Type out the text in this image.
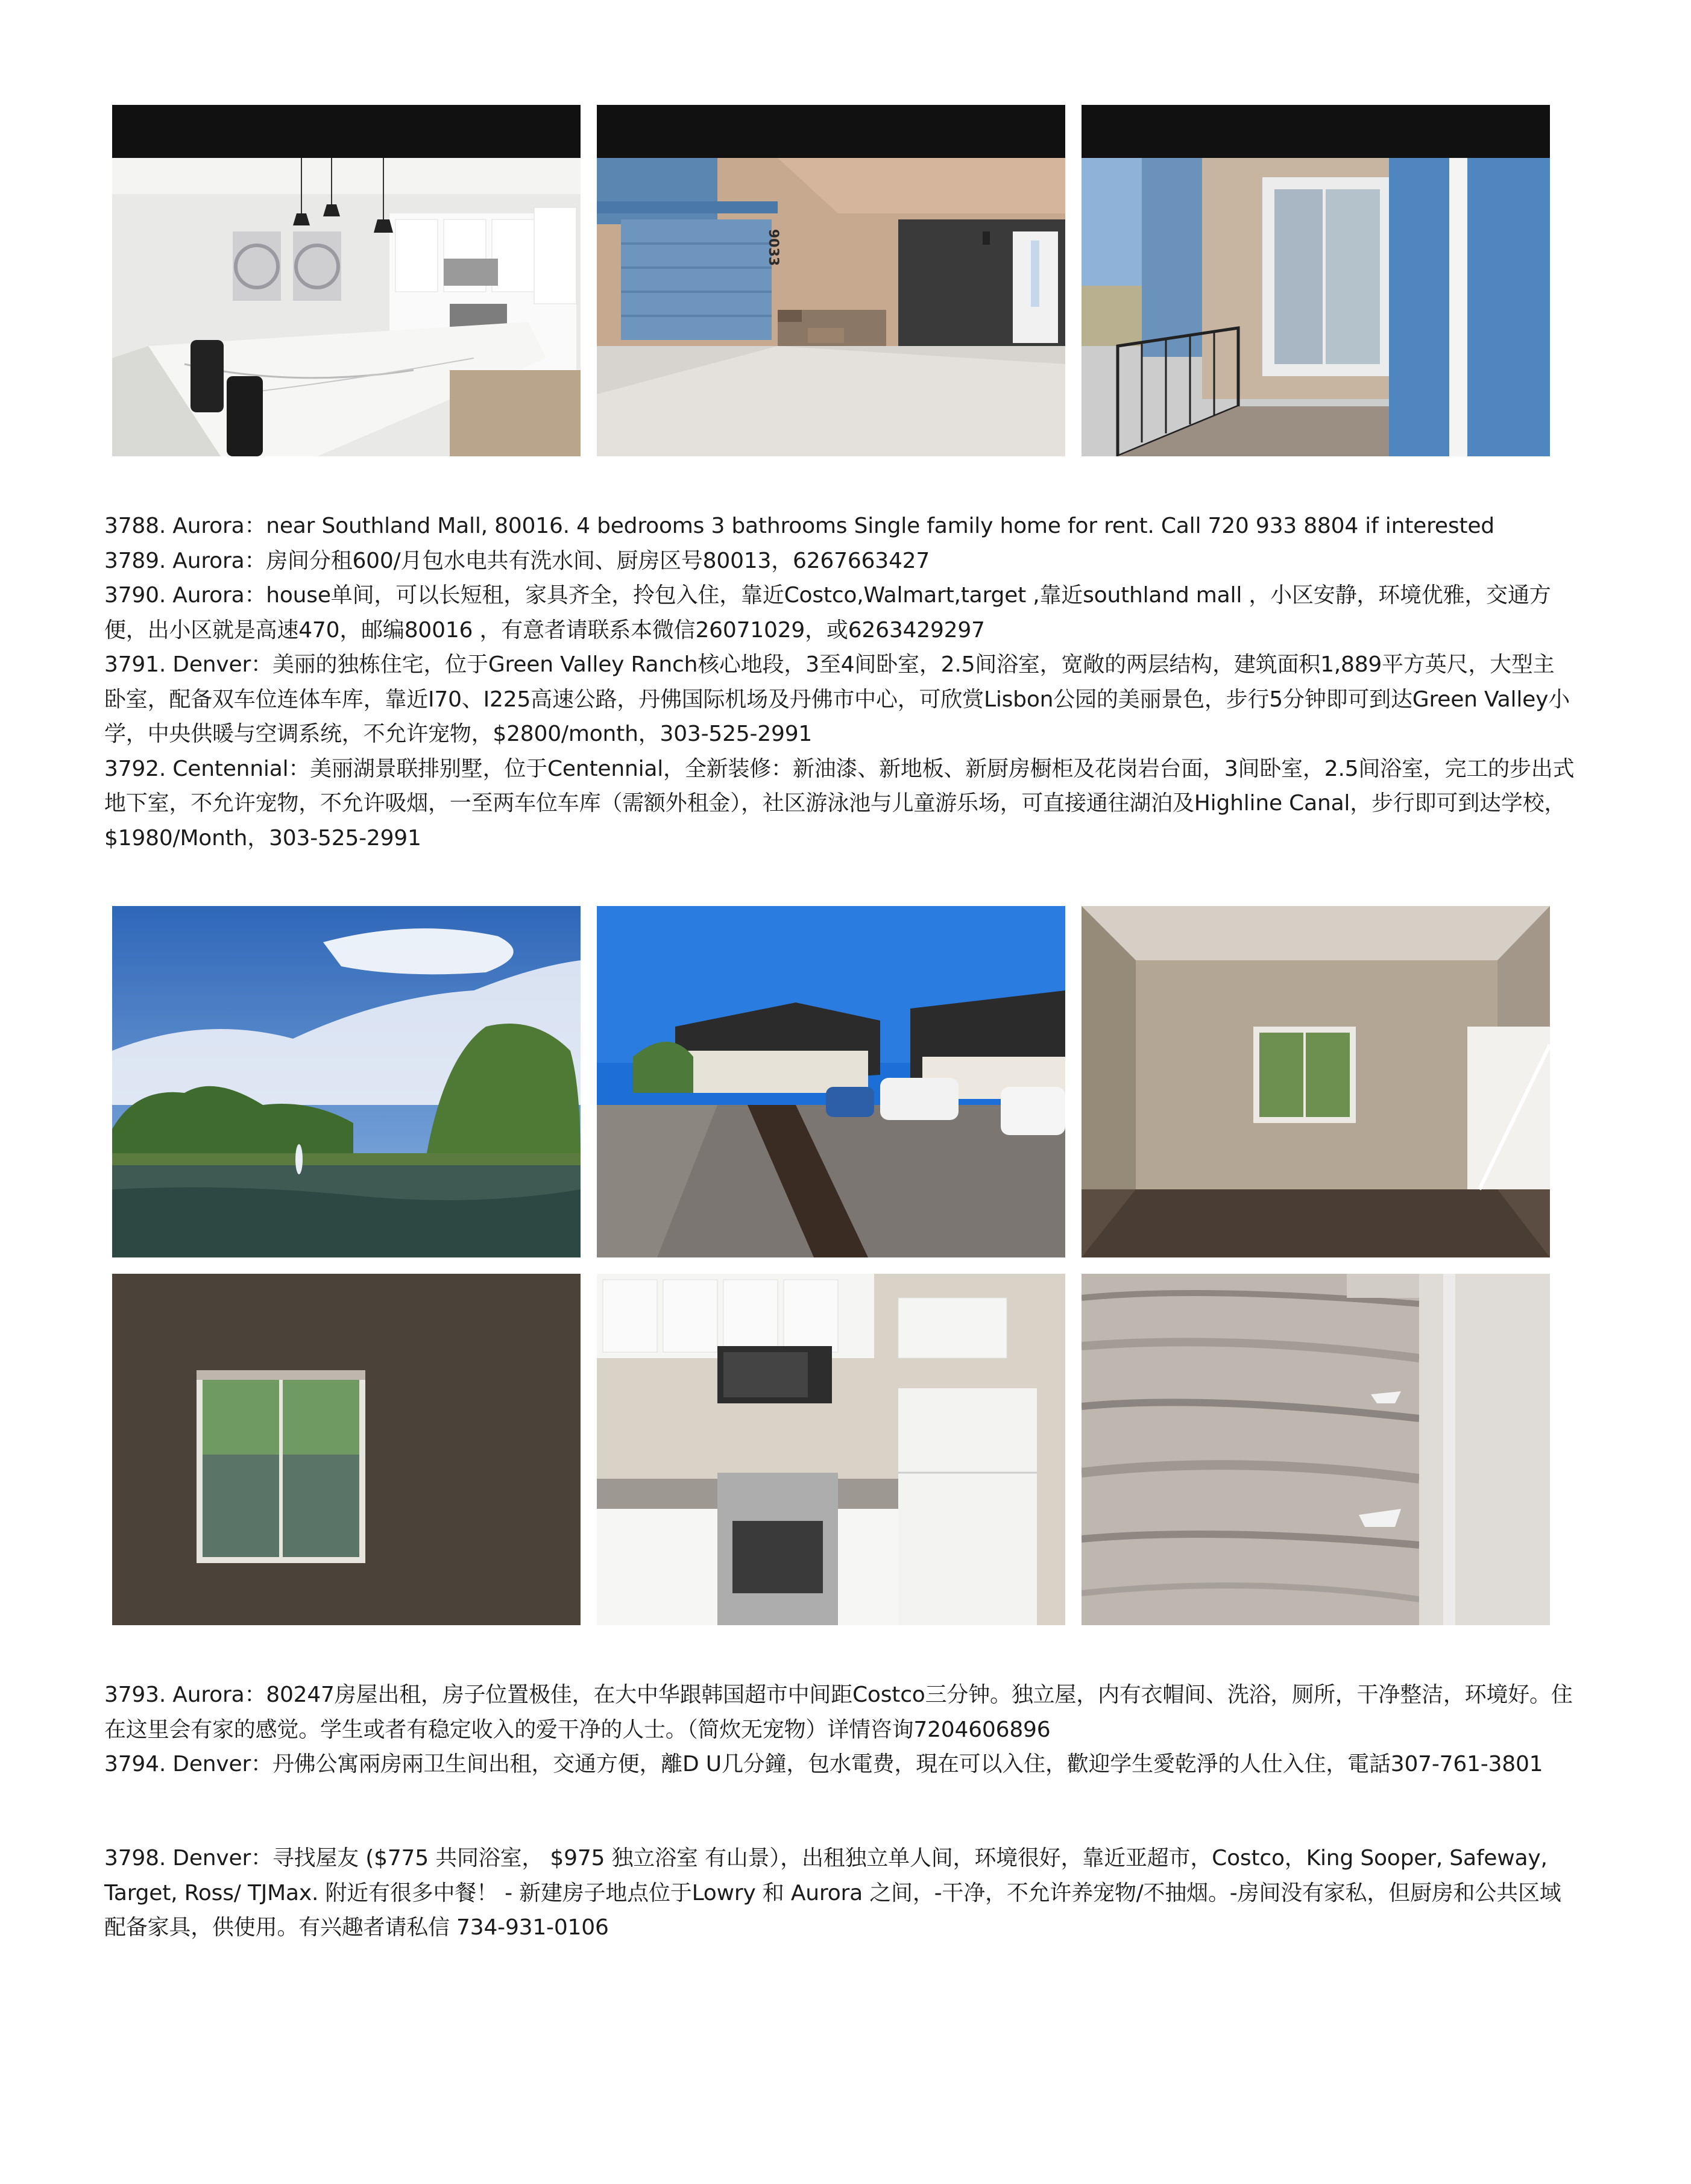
3788. Aurora：near Southland Mall, 80016. 4 bedrooms 3 bathrooms Single family home for rent. Call 720 933 8804 if interested

3789. Aurora：房间分租600/月包水电共有洗水间、厨房区号80013，6267663427

3790. Aurora：house单间，可以长短租，家具齐全，拎包入住，靠近Costco,Walmart,target ,靠近southland mall ，小区安静，环境优雅，交通方便，出小区就是高速470，邮编80016 ，有意者请联系本微信26071029，或6263429297

3791. Denver：美丽的独栋住宅，位于Green Valley Ranch核心地段，3至4间卧室，2.5间浴室，宽敞的两层结构，建筑面积1,889平方英尺，大型主卧室，配备双车位连体车库，靠近I70、I225高速公路，丹佛国际机场及丹佛市中心，可欣赏Lisbon公园的美丽景色，步行5分钟即可到达Green Valley小学，中央供暖与空调系统，不允许宠物，$2800/month，303-525-2991

3792. Centennial：美丽湖景联排别墅，位于Centennial，全新装修：新油漆、新地板、新厨房橱柜及花岗岩台面，3间卧室，2.5间浴室，完工的步出式地下室，不允许宠物，不允许吸烟，一至两车位车库（需额外租金），社区游泳池与儿童游乐场，可直接通往湖泊及Highline Canal，步行即可到达学校，$1980/Month，303-525-2991

3793. Aurora：80247房屋出租，房子位置极佳，在大中华跟韩国超市中间距Costco三分钟。独立屋，内有衣帽间、洗浴，厕所，干净整洁，环境好。住在这里会有家的感觉。学生或者有稳定收入的爱干净的人士。（简炊无宠物）详情咨询7204606896

3794. Denver：丹佛公寓兩房兩卫生间出租，交通方便，離D U几分鐘，包水電费，現在可以入住，歡迎学生愛乾淨的人仕入住，電話307-761-3801

3798. Denver：寻找屋友 ($775 共同浴室， $975 独立浴室 有山景），出租独立单人间，环境很好，靠近亚超市，Costco，King Sooper, Safeway, Target, Ross/ TJMax. 附近有很多中餐！ - 新建房子地点位于Lowry 和 Aurora 之间，-干净，不允许养宠物/不抽烟。-房间没有家私，但厨房和公共区域配备家具，供使用。有兴趣者请私信 734-931-0106

9033
